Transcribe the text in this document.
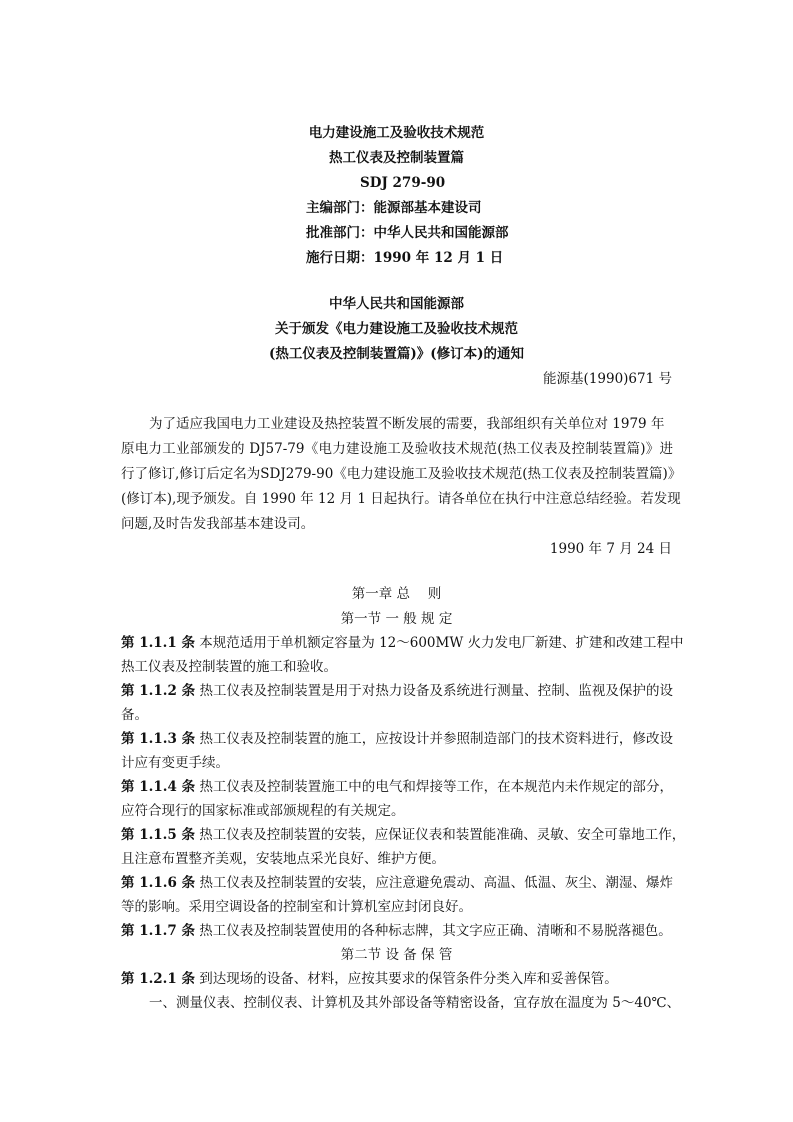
电力建设施工及验收技术规范
热工仪表及控制装置篇
SDJ 279-90
主编部门：能源部基本建设司
批准部门：中华人民共和国能源部
施行日期：1990 年 12 月 1 日
中华人民共和国能源部
关于颁发《电力建设施工及验收技术规范
(热工仪表及控制装置篇)》(修订本)的通知
能源基(1990)671 号
为了适应我国电力工业建设及热控装置不断发展的需要，我部组织有关单位对 1979 年
原电力工业部颁发的 DJ57-79《电力建设施工及验收技术规范(热工仪表及控制装置篇)》进
行了修订,修订后定名为SDJ279-90《电力建设施工及验收技术规范(热工仪表及控制装置篇)》
(修订本),现予颁发。自 1990 年 12 月 1 日起执行。请各单位在执行中注意总结经验。若发现
问题,及时告发我部基本建设司。
1990 年 7 月 24 日
第一章 总　 则
第一节 一 般 规 定
第 1.1.1 条 本规范适用于单机额定容量为 12～600MW 火力发电厂新建、扩建和改建工程中
热工仪表及控制装置的施工和验收。
第 1.1.2 条 热工仪表及控制装置是用于对热力设备及系统进行测量、控制、监视及保护的设
备。
第 1.1.3 条 热工仪表及控制装置的施工，应按设计并参照制造部门的技术资料进行，修改设
计应有变更手续。
第 1.1.4 条 热工仪表及控制装置施工中的电气和焊接等工作，在本规范内未作规定的部分，
应符合现行的国家标准或部颁规程的有关规定。
第 1.1.5 条 热工仪表及控制装置的安装，应保证仪表和装置能准确、灵敏、安全可靠地工作，
且注意布置整齐美观，安装地点采光良好、维护方便。
第 1.1.6 条 热工仪表及控制装置的安装，应注意避免震动、高温、低温、灰尘、潮湿、爆炸
等的影响。采用空调设备的控制室和计算机室应封闭良好。
第 1.1.7 条 热工仪表及控制装置使用的各种标志牌，其文字应正确、清晰和不易脱落褪色。
第二节 设 备 保 管
第 1.2.1 条 到达现场的设备、材料，应按其要求的保管条件分类入库和妥善保管。
一、测量仪表、控制仪表、计算机及其外部设备等精密设备，宜存放在温度为 5～40℃、
